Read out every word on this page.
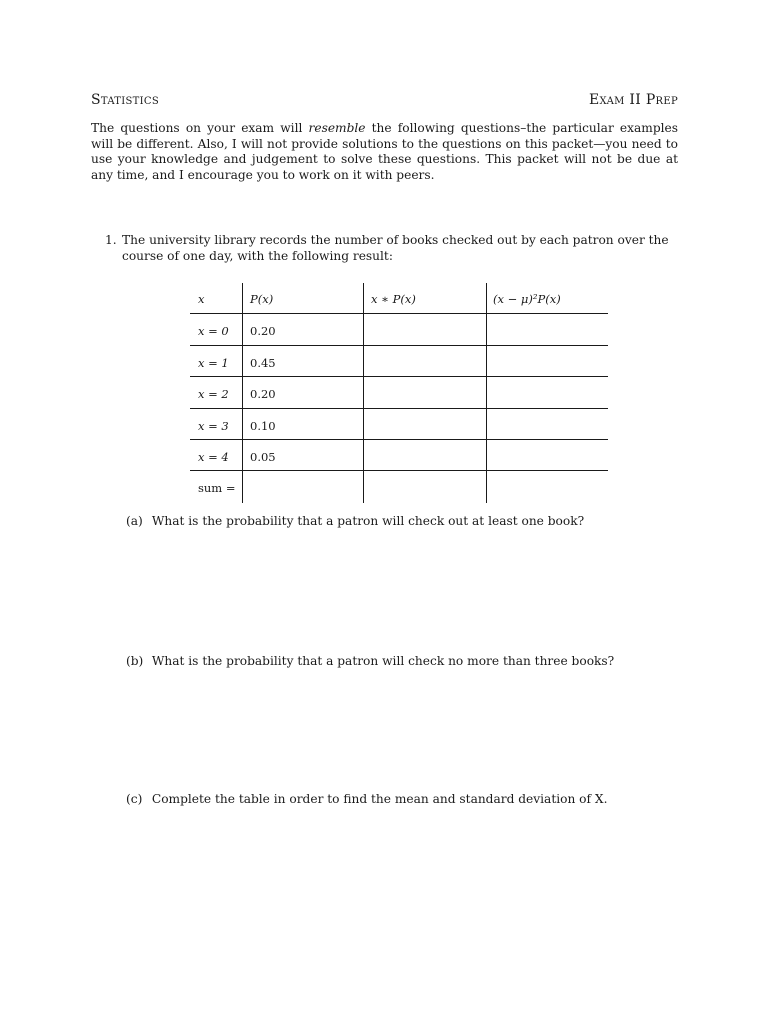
Statistics	Exam II Prep
The questions on your exam will resemble the following questions–the particular examples will be different. Also, I will not provide solutions to the questions on this packet—you need to use your knowledge and judgement to solve these questions. This packet will not be due at any time, and I encourage you to work on it with peers.
1. The university library records the number of books checked out by each patron over the course of one day, with the following result:
x	P(x)	x ∗ P(x)	(x − μ)²P(x)
x = 0 0.20
x = 1 0.45
x = 2 0.20
x = 3 0.10
x = 4 0.05
sum =
(a) What is the probability that a patron will check out at least one book?
(b) What is the probability that a patron will check no more than three books?
(c) Complete the table in order to find the mean and standard deviation of X.
